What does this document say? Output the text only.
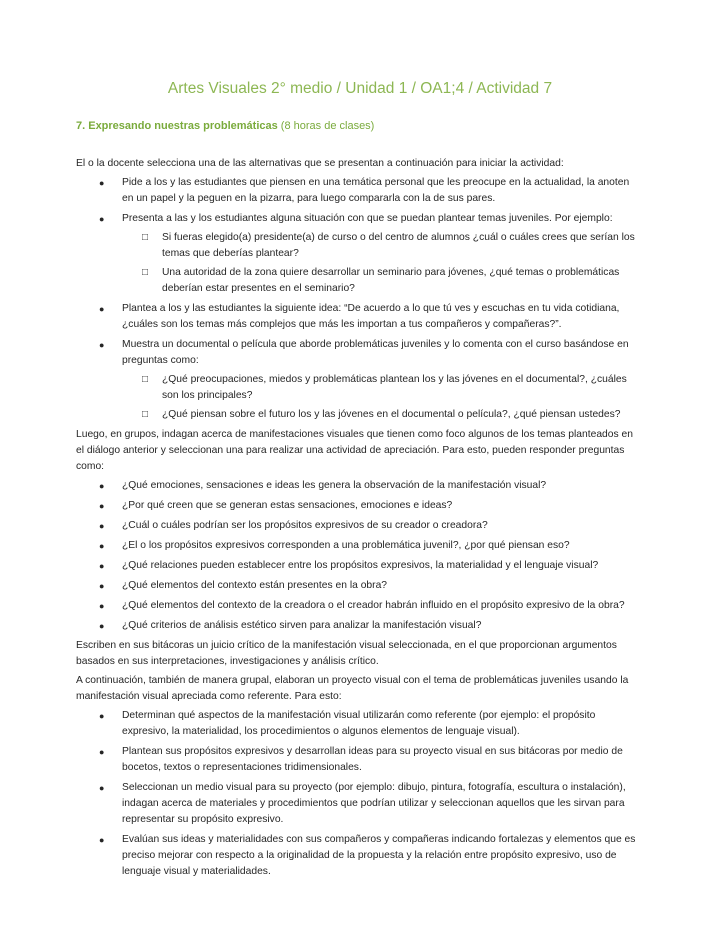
Artes Visuales 2° medio / Unidad 1 / OA1;4 / Actividad 7
7. Expresando nuestras problemáticas (8 horas de clases)

El o la docente selecciona una de las alternativas que se presentan a continuación para iniciar la actividad:

● Pide a los y las estudiantes que piensen en una temática personal que les preocupe en la actualidad, la anoten en un papel y la peguen en la pizarra, para luego compararla con la de sus pares.
● Presenta a las y los estudiantes alguna situación con que se puedan plantear temas juveniles. Por ejemplo:
□ Si fueras elegido(a) presidente(a) de curso o del centro de alumnos ¿cuál o cuáles crees que serían los temas que deberías plantear?
□ Una autoridad de la zona quiere desarrollar un seminario para jóvenes, ¿qué temas o problemáticas deberían estar presentes en el seminario?
● Plantea a los y las estudiantes la siguiente idea: “De acuerdo a lo que tú ves y escuchas en tu vida cotidiana, ¿cuáles son los temas más complejos que más les importan a tus compañeros y compañeras?”.
● Muestra un documental o película que aborde problemáticas juveniles y lo comenta con el curso basándose en preguntas como:
□ ¿Qué preocupaciones, miedos y problemáticas plantean los y las jóvenes en el documental?, ¿cuáles son los principales?
□ ¿Qué piensan sobre el futuro los y las jóvenes en el documental o película?, ¿qué piensan ustedes?

Luego, en grupos, indagan acerca de manifestaciones visuales que tienen como foco algunos de los temas planteados en el diálogo anterior y seleccionan una para realizar una actividad de apreciación. Para esto, pueden responder preguntas como:

● ¿Qué emociones, sensaciones e ideas les genera la observación de la manifestación visual?
● ¿Por qué creen que se generan estas sensaciones, emociones e ideas?
● ¿Cuál o cuáles podrían ser los propósitos expresivos de su creador o creadora?
● ¿El o los propósitos expresivos corresponden a una problemática juvenil?, ¿por qué piensan eso?
● ¿Qué relaciones pueden establecer entre los propósitos expresivos, la materialidad y el lenguaje visual?
● ¿Qué elementos del contexto están presentes en la obra?
● ¿Qué elementos del contexto de la creadora o el creador habrán influido en el propósito expresivo de la obra?
● ¿Qué criterios de análisis estético sirven para analizar la manifestación visual?

Escriben en sus bitácoras un juicio crítico de la manifestación visual seleccionada, en el que proporcionan argumentos basados en sus interpretaciones, investigaciones y análisis crítico.

A continuación, también de manera grupal, elaboran un proyecto visual con el tema de problemáticas juveniles usando la manifestación visual apreciada como referente. Para esto:

● Determinan qué aspectos de la manifestación visual utilizarán como referente (por ejemplo: el propósito expresivo, la materialidad, los procedimientos o algunos elementos de lenguaje visual).
● Plantean sus propósitos expresivos y desarrollan ideas para su proyecto visual en sus bitácoras por medio de bocetos, textos o representaciones tridimensionales.
● Seleccionan un medio visual para su proyecto (por ejemplo: dibujo, pintura, fotografía, escultura o instalación), indagan acerca de materiales y procedimientos que podrían utilizar y seleccionan aquellos que les sirvan para representar su propósito expresivo.
● Evalúan sus ideas y materialidades con sus compañeros y compañeras indicando fortalezas y elementos que es preciso mejorar con respecto a la originalidad de la propuesta y la relación entre propósito expresivo, uso de lenguaje visual y materialidades.
